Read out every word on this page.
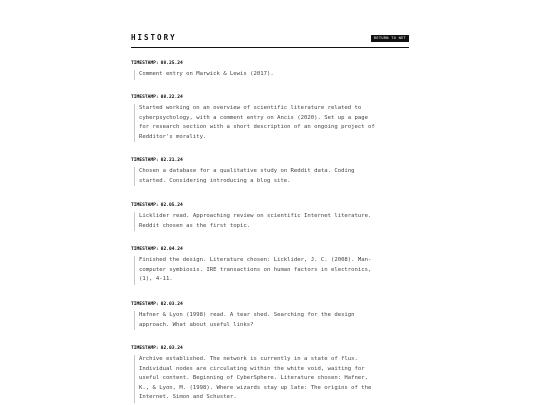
HISTORY	RETURN TO NET
TIMESTAMP: 08.25.24
Comment entry on Marwick & Lewis (2017).
TIMESTAMP: 08.22.24
Started working on an overview of scientific literature related to
cyberpsychology, with a comment entry on Ancis (2020). Set up a page
for research section with a short description of an ongoing project of
Redditor's morality.
TIMESTAMP: 02.21.24
Chosen a database for a qualitative study on Reddit data. Coding
started. Considering introducing a blog site.
TIMESTAMP: 02.05.24
Licklider read. Approaching review on scientific Internet literature.
Reddit chosen as the first topic.
TIMESTAMP: 02.04.24
Finished the design. Literature chosen: Licklider, J. C. (2008). Man-
computer symbiosis. IRE transactions on human factors in electronics,
(1), 4-11.
TIMESTAMP: 02.03.24
Hafner & Lyon (1998) read. A tear shed. Searching for the design
approach. What about useful links?
TIMESTAMP: 02.03.24
Archive established. The network is currently in a state of flux.
Individual nodes are circulating within the white void, waiting for
useful content. Beginning of CyberSphere. Literature chosen: Hafner,
K., & Lyon, M. (1998). Where wizards stay up late: The origins of the
Internet. Simon and Schuster.
